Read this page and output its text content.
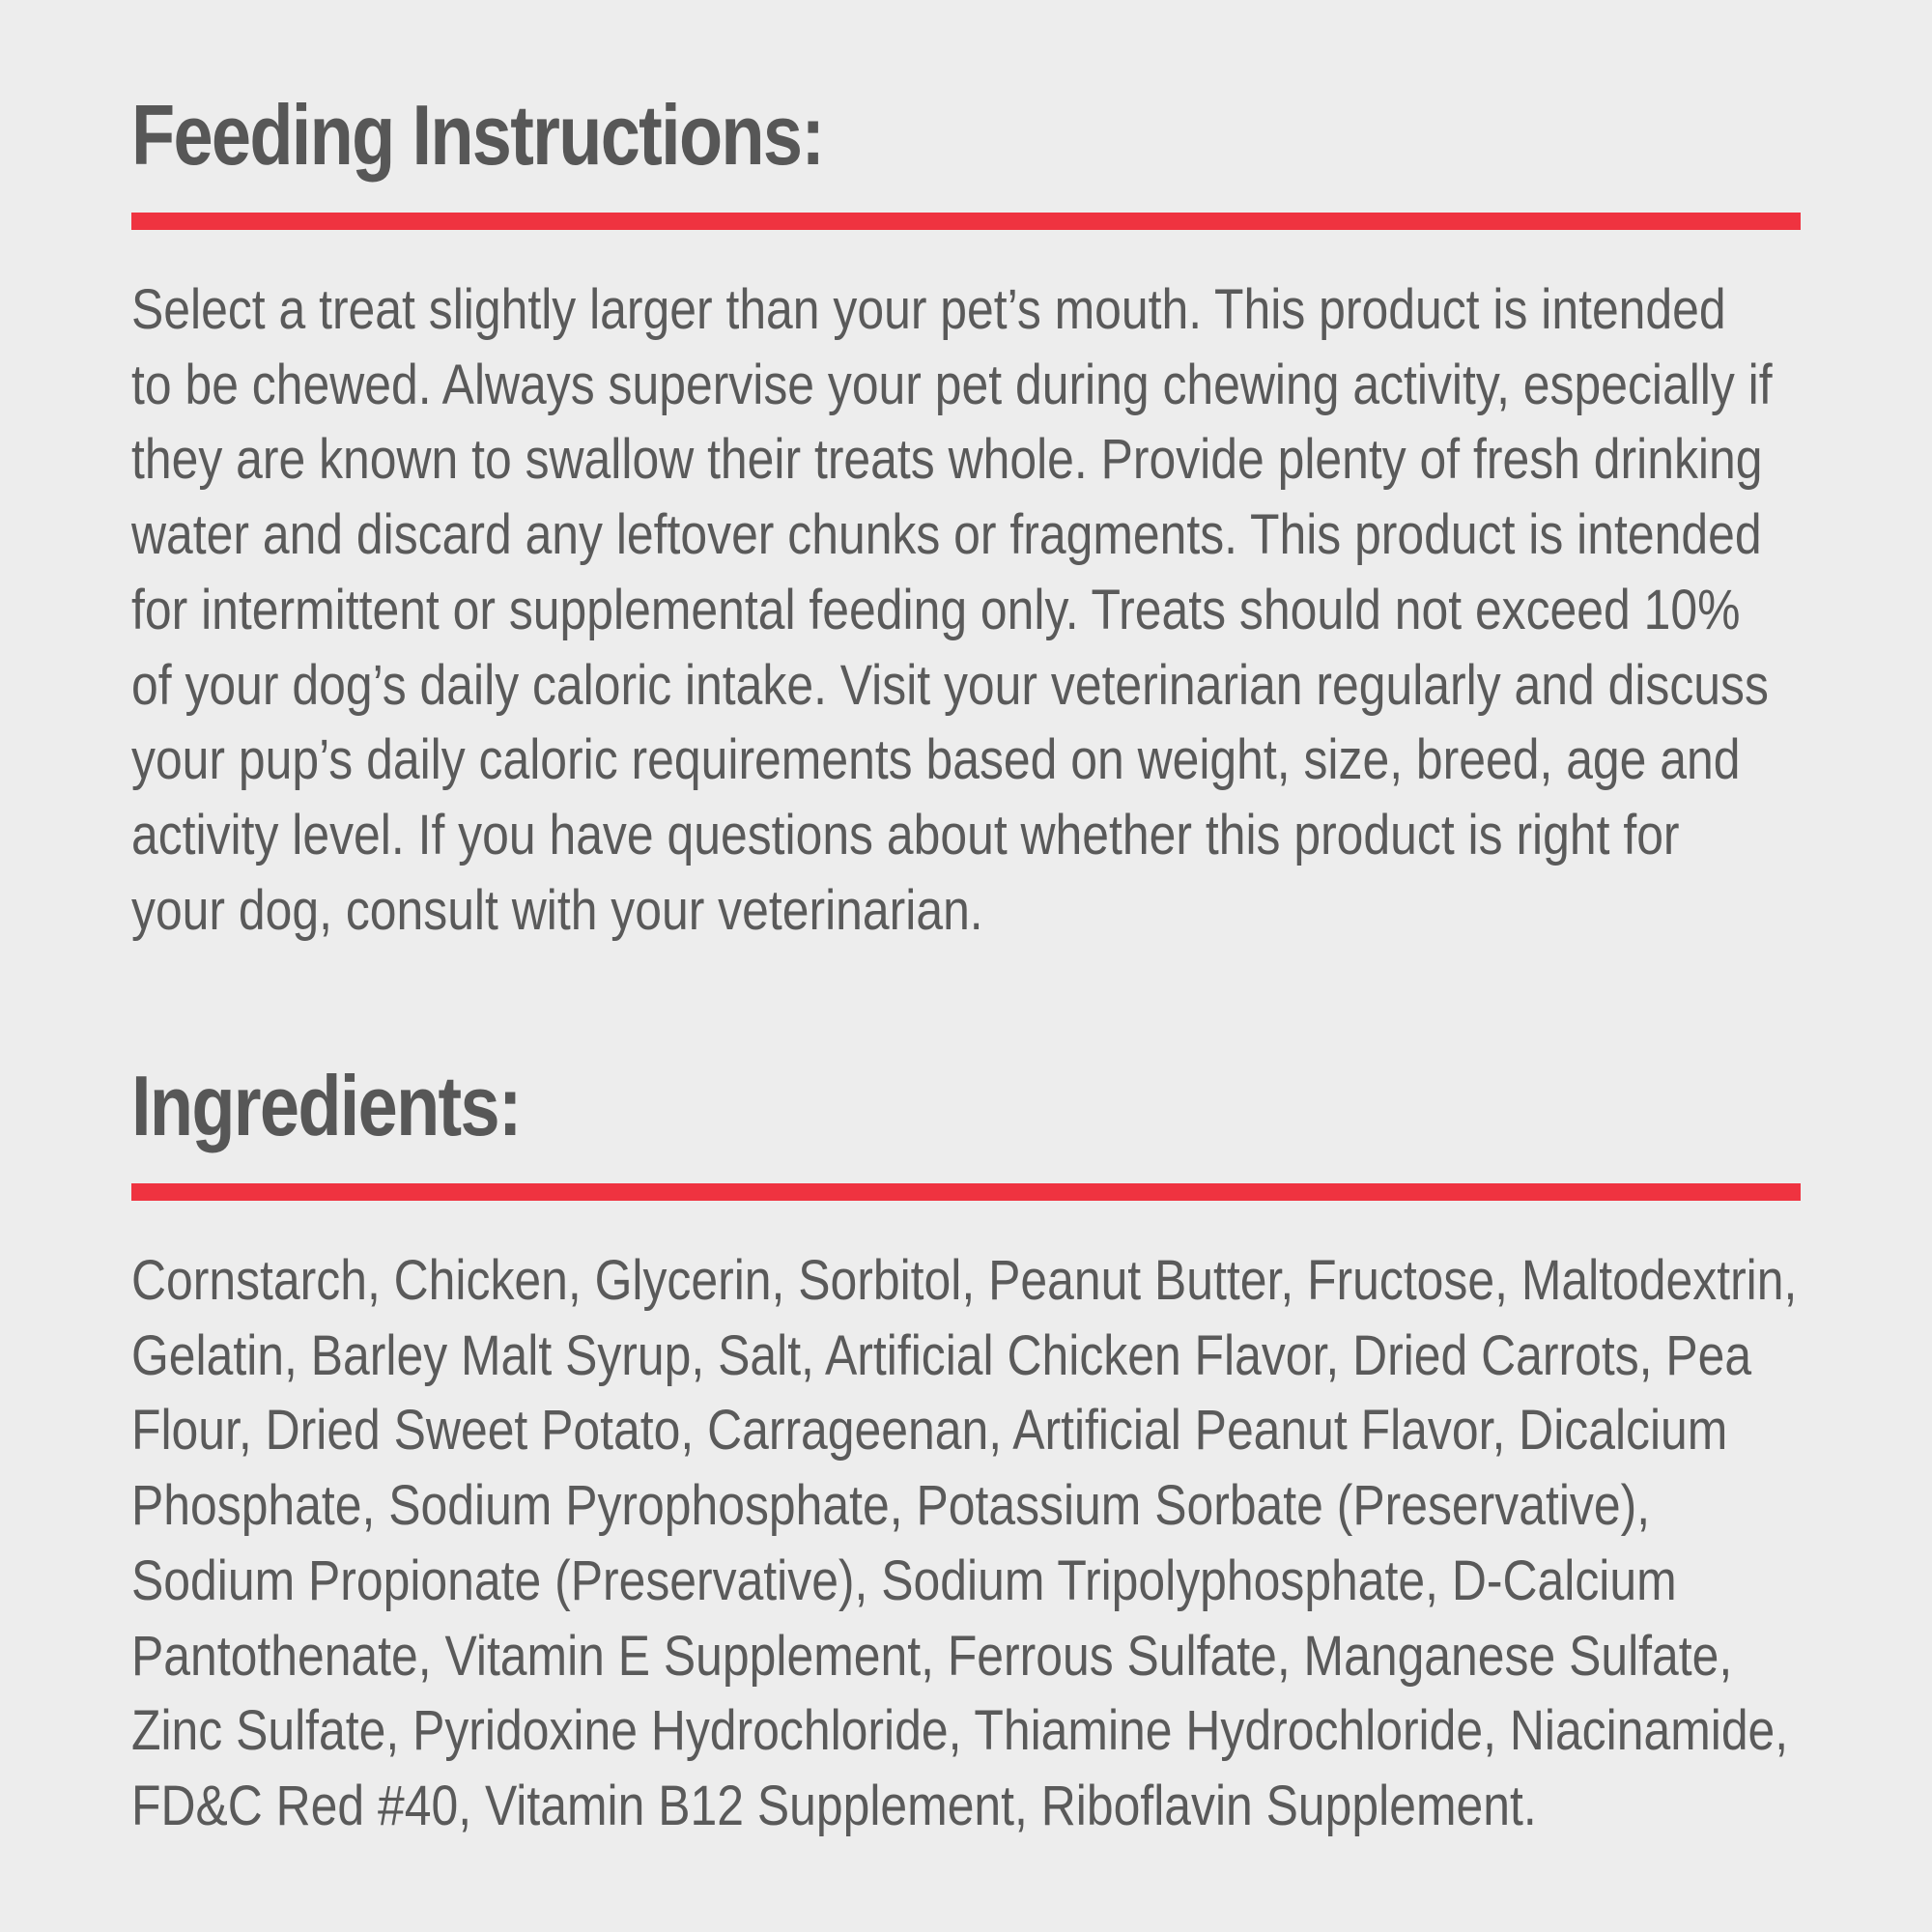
Feeding Instructions:

Select a treat slightly larger than your pet’s mouth. This product is intended
to be chewed. Always supervise your pet during chewing activity, especially if
they are known to swallow their treats whole. Provide plenty of fresh drinking
water and discard any leftover chunks or fragments. This product is intended
for intermittent or supplemental feeding only. Treats should not exceed 10%
of your dog’s daily caloric intake. Visit your veterinarian regularly and discuss
your pup’s daily caloric requirements based on weight, size, breed, age and
activity level. If you have questions about whether this product is right for
your dog, consult with your veterinarian.

Ingredients:

Cornstarch, Chicken, Glycerin, Sorbitol, Peanut Butter, Fructose, Maltodextrin,
Gelatin, Barley Malt Syrup, Salt, Artificial Chicken Flavor, Dried Carrots, Pea
Flour, Dried Sweet Potato, Carrageenan, Artificial Peanut Flavor, Dicalcium
Phosphate, Sodium Pyrophosphate, Potassium Sorbate (Preservative),
Sodium Propionate (Preservative), Sodium Tripolyphosphate, D-Calcium
Pantothenate, Vitamin E Supplement, Ferrous Sulfate, Manganese Sulfate,
Zinc Sulfate, Pyridoxine Hydrochloride, Thiamine Hydrochloride, Niacinamide,
FD&C Red #40, Vitamin B12 Supplement, Riboflavin Supplement.
